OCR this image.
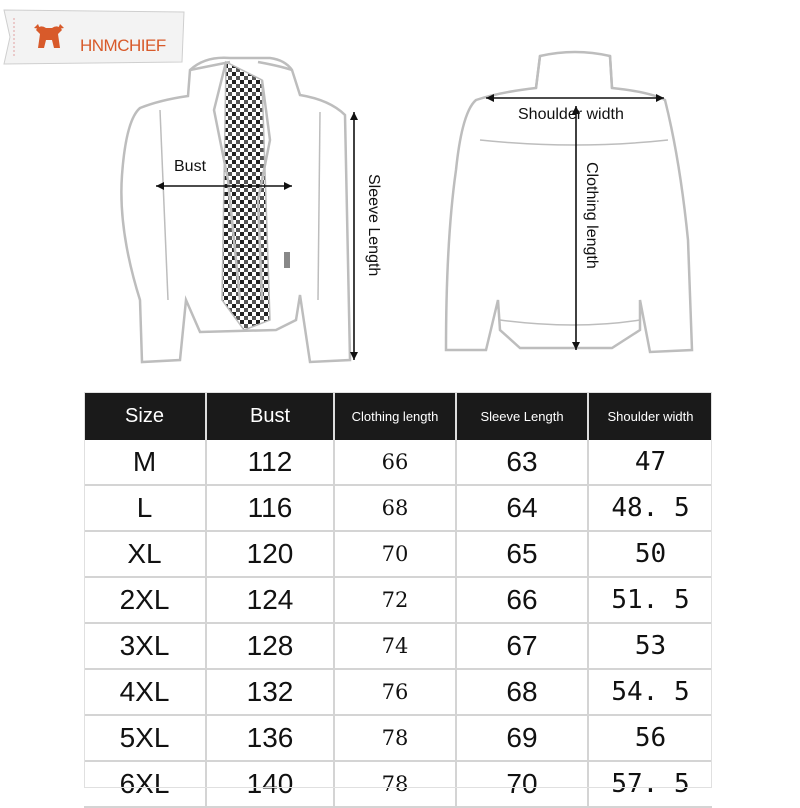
HNMCHIEF
Bust
Sleeve Length
Shoulder width
Clothing length
Size	Bust	Clothing length	Sleeve Length	Shoulder width
M	112	66	63	47
L	116	68	64	48. 5
XL	120	70	65	50
2XL	124	72	66	51. 5
3XL	128	74	67	53
4XL	132	76	68	54. 5
5XL	136	78	69	56
6XL	140	78	70	57. 5
